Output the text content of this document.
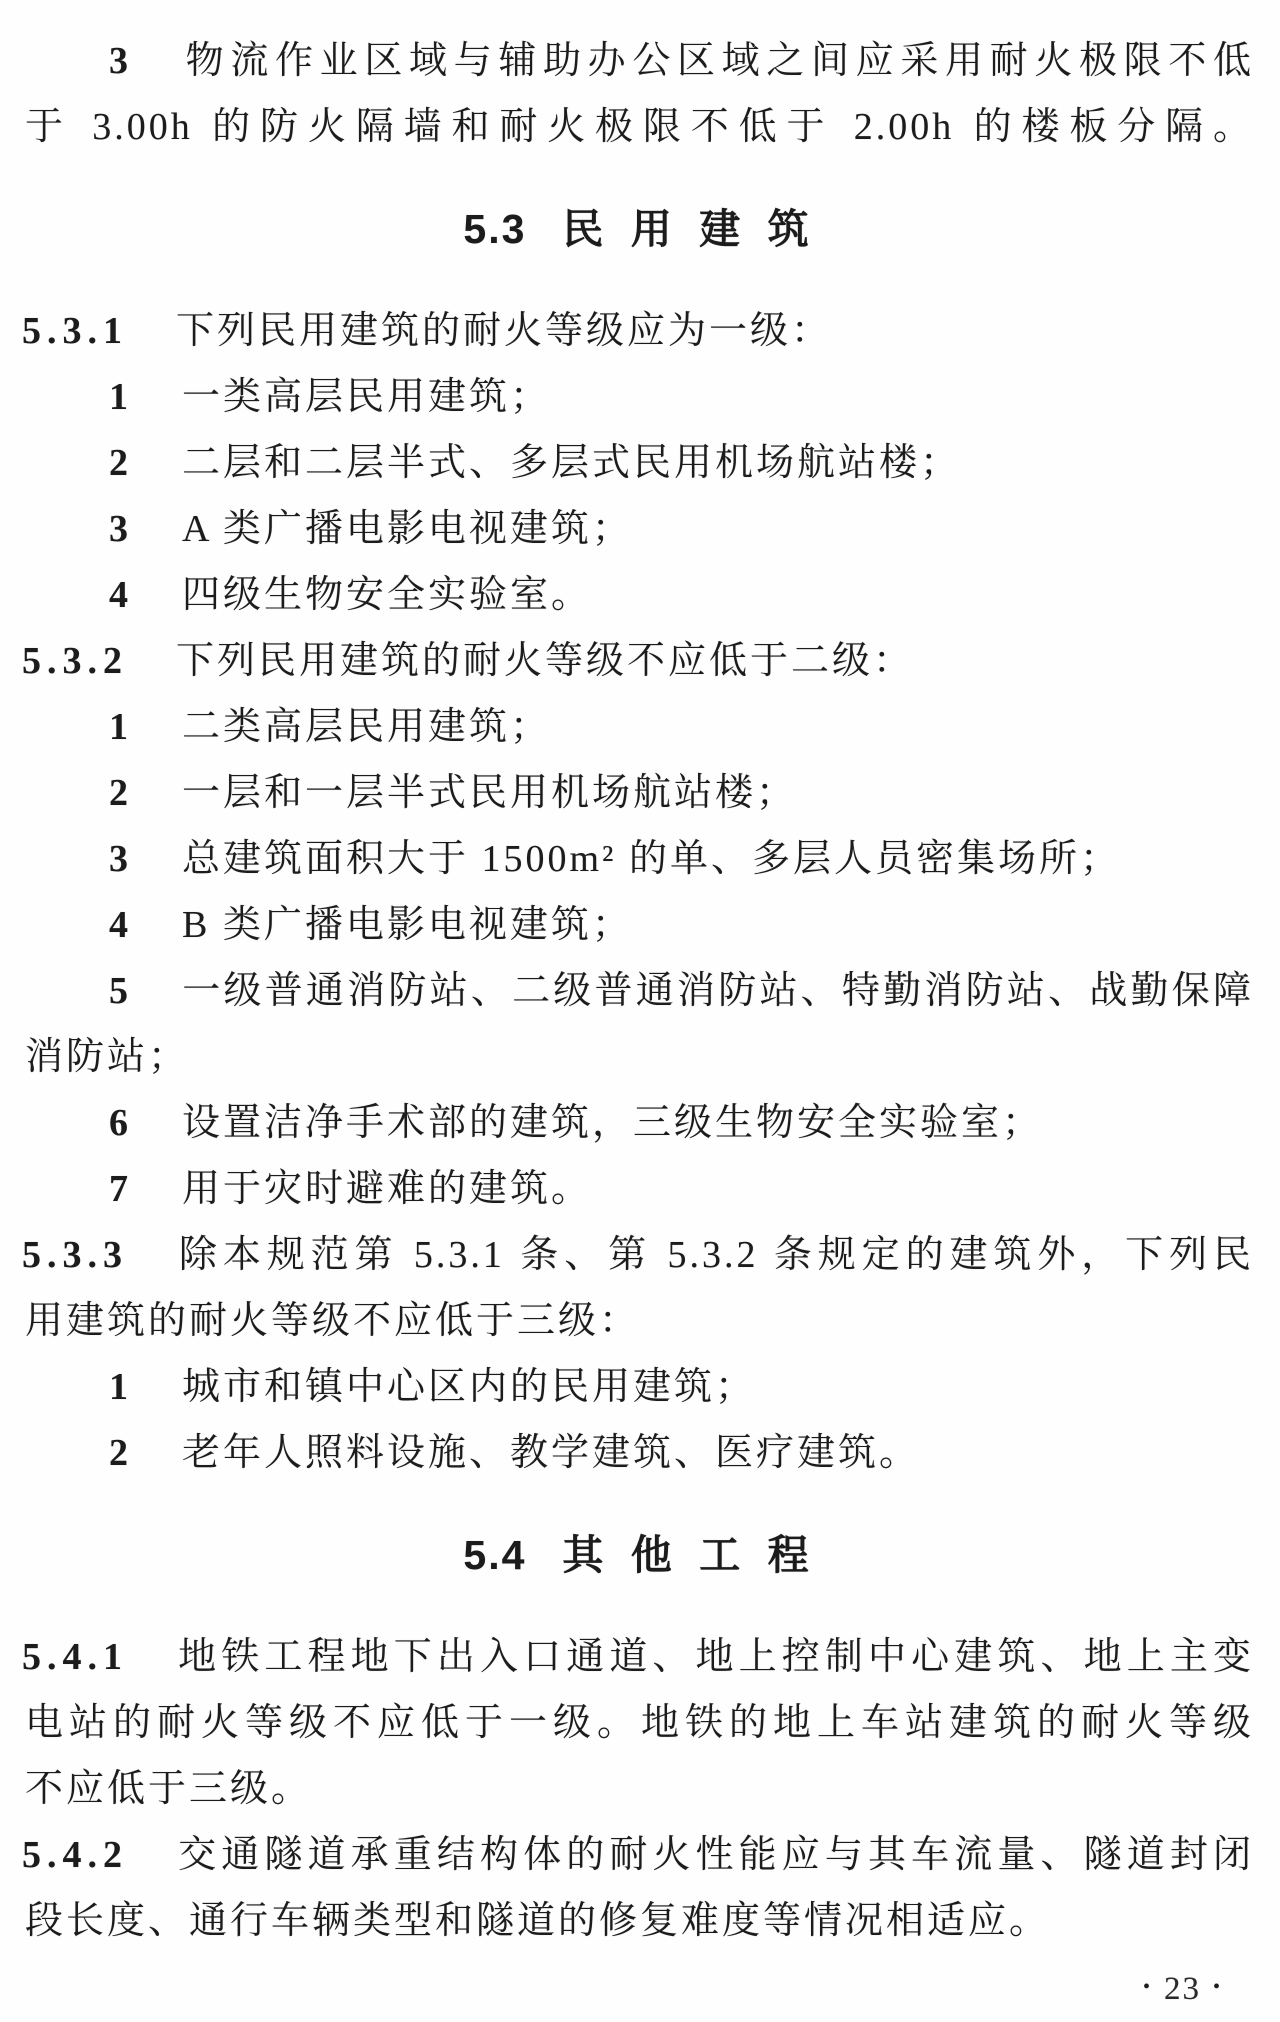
3 物流作业区域与辅助办公区域之间应采用耐火极限不低
于 3.00h 的防火隔墙和耐火极限不低于 2.00h 的楼板分隔。
5.3 民 用 建 筑
5.3.1 下列民用建筑的耐火等级应为一级：
1 一类高层民用建筑；
2 二层和二层半式、多层式民用机场航站楼；
3 A 类广播电影电视建筑；
4 四级生物安全实验室。
5.3.2 下列民用建筑的耐火等级不应低于二级：
1 二类高层民用建筑；
2 一层和一层半式民用机场航站楼；
3 总建筑面积大于 1500m² 的单、多层人员密集场所；
4 B 类广播电影电视建筑；
5 一级普通消防站、二级普通消防站、特勤消防站、战勤保障
消防站；
6 设置洁净手术部的建筑，三级生物安全实验室；
7 用于灾时避难的建筑。
5.3.3 除本规范第 5.3.1 条、第 5.3.2 条规定的建筑外，下列民
用建筑的耐火等级不应低于三级：
1 城市和镇中心区内的民用建筑；
2 老年人照料设施、教学建筑、医疗建筑。
5.4 其 他 工 程
5.4.1 地铁工程地下出入口通道、地上控制中心建筑、地上主变
电站的耐火等级不应低于一级。地铁的地上车站建筑的耐火等级
不应低于三级。
5.4.2 交通隧道承重结构体的耐火性能应与其车流量、隧道封闭
段长度、通行车辆类型和隧道的修复难度等情况相适应。
• 23 •
